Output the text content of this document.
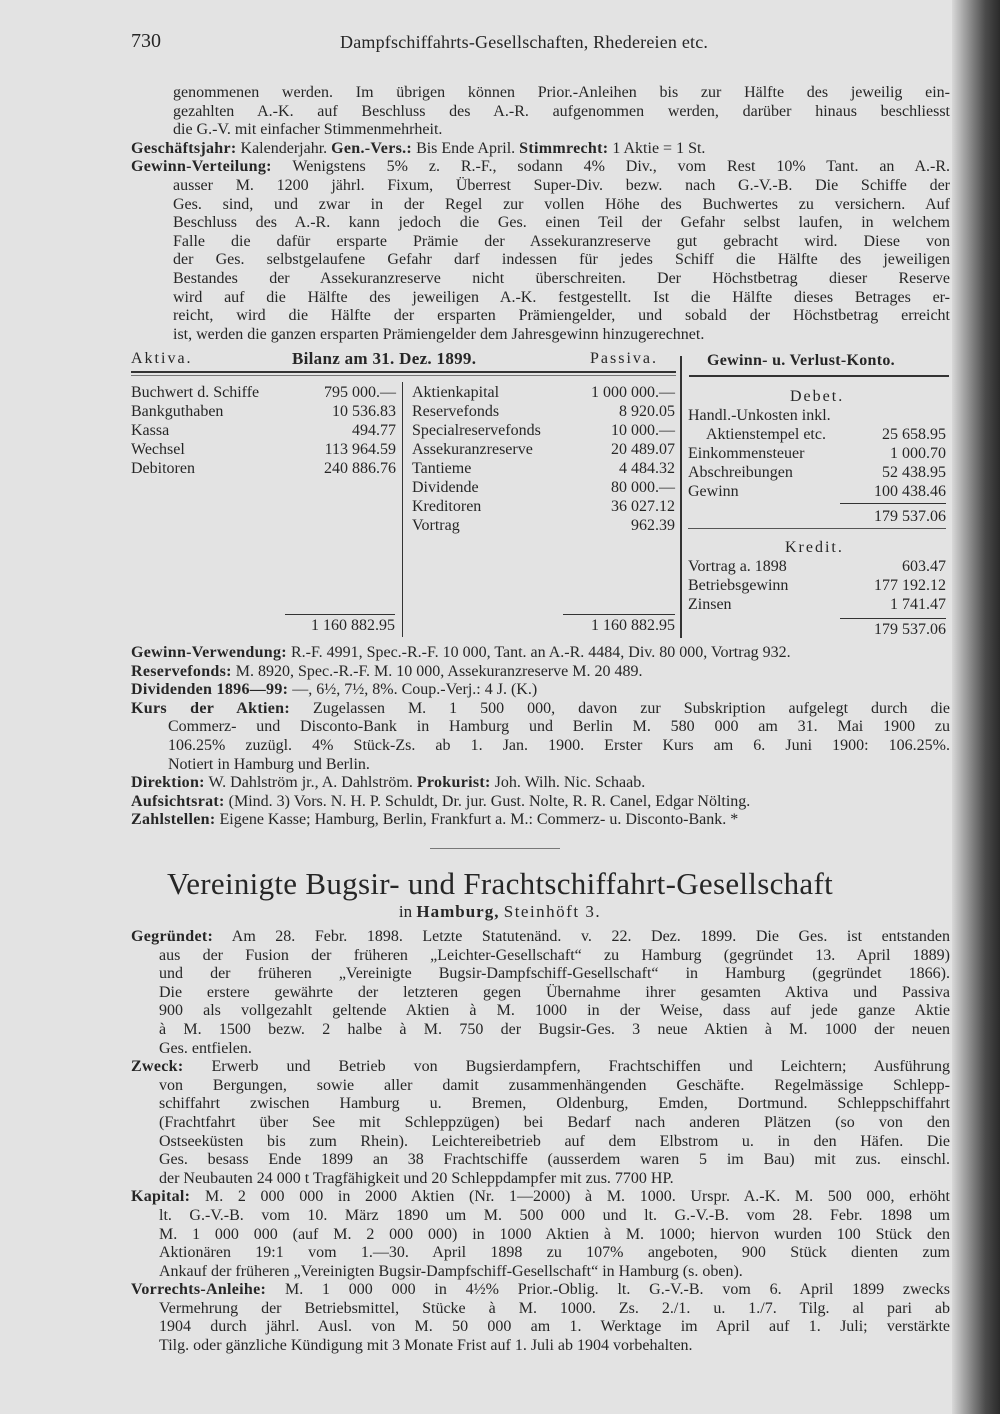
730	Dampfschiffahrts-Gesellschaften, Rhedereien etc.
genommenen werden. Im übrigen können Prior.-Anleihen bis zur Hälfte des jeweilig ein-
gezahlten A.-K. auf Beschluss des A.-R. aufgenommen werden, darüber hinaus beschliesst
die G.-V. mit einfacher Stimmenmehrheit.
Geschäftsjahr: Kalenderjahr. Gen.-Vers.: Bis Ende April. Stimmrecht: 1 Aktie = 1 St.
Gewinn-Verteilung: Wenigstens 5% z. R.-F., sodann 4% Div., vom Rest 10% Tant. an A.-R.
ausser M. 1200 jährl. Fixum, Überrest Super-Div. bezw. nach G.-V.-B. Die Schiffe der
Ges. sind, und zwar in der Regel zur vollen Höhe des Buchwertes zu versichern. Auf
Beschluss des A.-R. kann jedoch die Ges. einen Teil der Gefahr selbst laufen, in welchem
Falle die dafür ersparte Prämie der Assekuranzreserve gut gebracht wird. Diese von
der Ges. selbstgelaufene Gefahr darf indessen für jedes Schiff die Hälfte des jeweiligen
Bestandes der Assekuranzreserve nicht überschreiten. Der Höchstbetrag dieser Reserve
wird auf die Hälfte des jeweiligen A.-K. festgestellt. Ist die Hälfte dieses Betrages er-
reicht, wird die Hälfte der ersparten Prämiengelder, und sobald der Höchstbetrag erreicht
ist, werden die ganzen ersparten Prämiengelder dem Jahresgewinn hinzugerechnet.
Aktiva.	Bilanz am 31. Dez. 1899.	Passiva.	Gewinn- u. Verlust-Konto.
Buchwert d. Schiffe	795 000.—
Bankguthaben	10 536.83
Kassa	494.77
Wechsel	113 964.59
Debitoren	240 886.76
Aktienkapital	1 000 000.—
Reservefonds	8 920.05
Specialreservefonds	10 000.—
Assekuranzreserve	20 489.07
Tantieme	4 484.32
Dividende	80 000.—
Kreditoren	36 027.12
Vortrag	962.39
1 160 882.95	1 160 882.95
Debet.
Handl.-Unkosten inkl.
Aktienstempel etc.	25 658.95
Einkommensteuer	1 000.70
Abschreibungen	52 438.95
Gewinn	100 438.46
179 537.06
Kredit.
Vortrag a. 1898	603.47
Betriebsgewinn	177 192.12
Zinsen	1 741.47
179 537.06
Gewinn-Verwendung: R.-F. 4991, Spec.-R.-F. 10 000, Tant. an A.-R. 4484, Div. 80 000, Vortrag 932.
Reservefonds: M. 8920, Spec.-R.-F. M. 10 000, Assekuranzreserve M. 20 489.
Dividenden 1896—99: —, 6½, 7½, 8%. Coup.-Verj.: 4 J. (K.)
Kurs der Aktien: Zugelassen M. 1 500 000, davon zur Subskription aufgelegt durch die
Commerz- und Disconto-Bank in Hamburg und Berlin M. 580 000 am 31. Mai 1900 zu
106.25% zuzügl. 4% Stück-Zs. ab 1. Jan. 1900. Erster Kurs am 6. Juni 1900: 106.25%.
Notiert in Hamburg und Berlin.
Direktion: W. Dahlström jr., A. Dahlström. Prokurist: Joh. Wilh. Nic. Schaab.
Aufsichtsrat: (Mind. 3) Vors. N. H. P. Schuldt, Dr. jur. Gust. Nolte, R. R. Canel, Edgar Nölting.
Zahlstellen: Eigene Kasse; Hamburg, Berlin, Frankfurt a. M.: Commerz- u. Disconto-Bank. *
Vereinigte Bugsir- und Frachtschiffahrt-Gesellschaft
in Hamburg, Steinhöft 3.
Gegründet: Am 28. Febr. 1898. Letzte Statutenänd. v. 22. Dez. 1899. Die Ges. ist entstanden
aus der Fusion der früheren „Leichter-Gesellschaft“ zu Hamburg (gegründet 13. April 1889)
und der früheren „Vereinigte Bugsir-Dampfschiff-Gesellschaft“ in Hamburg (gegründet 1866).
Die erstere gewährte der letzteren gegen Übernahme ihrer gesamten Aktiva und Passiva
900 als vollgezahlt geltende Aktien à M. 1000 in der Weise, dass auf jede ganze Aktie
à M. 1500 bezw. 2 halbe à M. 750 der Bugsir-Ges. 3 neue Aktien à M. 1000 der neuen
Ges. entfielen.
Zweck: Erwerb und Betrieb von Bugsierdampfern, Frachtschiffen und Leichtern; Ausführung
von Bergungen, sowie aller damit zusammenhängenden Geschäfte. Regelmässige Schlepp-
schiffahrt zwischen Hamburg u. Bremen, Oldenburg, Emden, Dortmund. Schleppschiffahrt
(Frachtfahrt über See mit Schleppzügen) bei Bedarf nach anderen Plätzen (so von den
Ostseeküsten bis zum Rhein). Leichtereibetrieb auf dem Elbstrom u. in den Häfen. Die
Ges. besass Ende 1899 an 38 Frachtschiffe (ausserdem waren 5 im Bau) mit zus. einschl.
der Neubauten 24 000 t Tragfähigkeit und 20 Schleppdampfer mit zus. 7700 HP.
Kapital: M. 2 000 000 in 2000 Aktien (Nr. 1—2000) à M. 1000. Urspr. A.-K. M. 500 000, erhöht
lt. G.-V.-B. vom 10. März 1890 um M. 500 000 und lt. G.-V.-B. vom 28. Febr. 1898 um
M. 1 000 000 (auf M. 2 000 000) in 1000 Aktien à M. 1000; hiervon wurden 100 Stück den
Aktionären 19:1 vom 1.—30. April 1898 zu 107% angeboten, 900 Stück dienten zum
Ankauf der früheren „Vereinigten Bugsir-Dampfschiff-Gesellschaft“ in Hamburg (s. oben).
Vorrechts-Anleihe: M. 1 000 000 in 4½% Prior.-Oblig. lt. G.-V.-B. vom 6. April 1899 zwecks
Vermehrung der Betriebsmittel, Stücke à M. 1000. Zs. 2./1. u. 1./7. Tilg. al pari ab
1904 durch jährl. Ausl. von M. 50 000 am 1. Werktage im April auf 1. Juli; verstärkte
Tilg. oder gänzliche Kündigung mit 3 Monate Frist auf 1. Juli ab 1904 vorbehalten.
